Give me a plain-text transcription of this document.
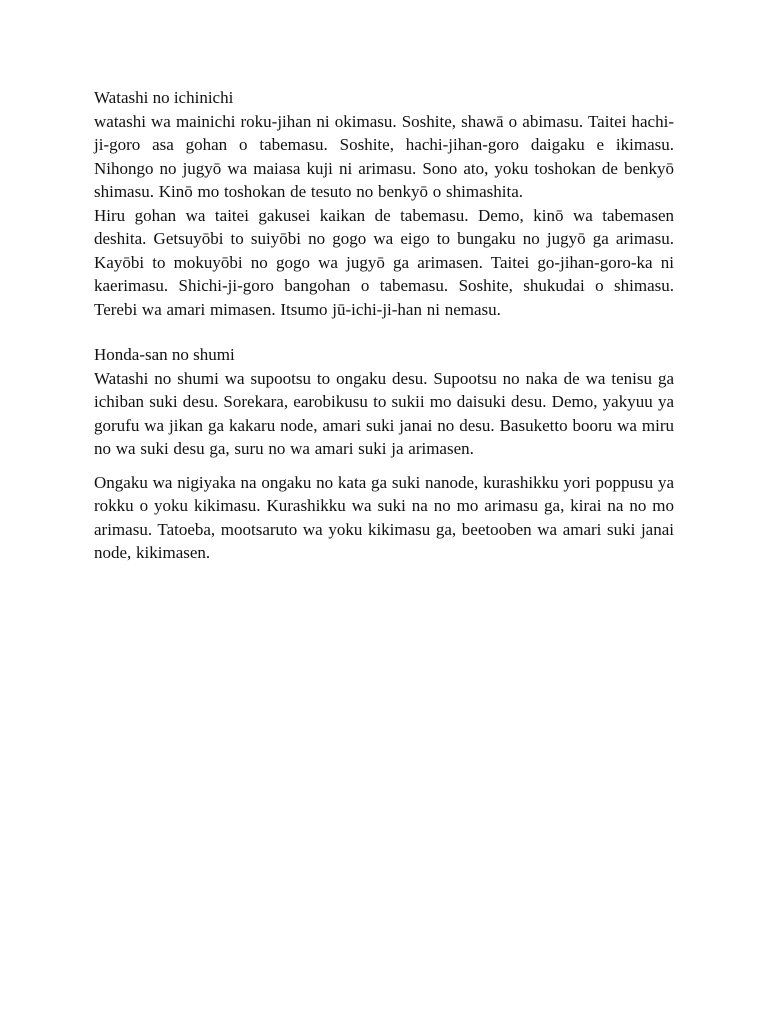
Watashi no ichinichi

watashi wa mainichi roku-jihan ni okimasu. Soshite, shawā o abimasu. Taitei hachi-ji-goro asa gohan o tabemasu. Soshite, hachi-jihan-goro daigaku e ikimasu. Nihongo no jugyō wa maiasa kuji ni arimasu. Sono ato, yoku toshokan de benkyō shimasu. Kinō mo toshokan de tesuto no benkyō o shimashita.

Hiru gohan wa taitei gakusei kaikan de tabemasu. Demo, kinō wa tabemasen deshita. Getsuyōbi to suiyōbi no gogo wa eigo to bungaku no jugyō ga arimasu. Kayōbi to mokuyōbi no gogo wa jugyō ga arimasen. Taitei go-jihan-goro-ka ni kaerimasu. Shichi-ji-goro bangohan o tabemasu. Soshite, shukudai o shimasu. Terebi wa amari mimasen. Itsumo jū-ichi-ji-han ni nemasu.

Honda-san no shumi

Watashi no shumi wa supootsu to ongaku desu. Supootsu no naka de wa tenisu ga ichiban suki desu. Sorekara, earobikusu to sukii mo daisuki desu. Demo, yakyuu ya gorufu wa jikan ga kakaru node, amari suki janai no desu. Basuketto booru wa miru no wa suki desu ga, suru no wa amari suki ja arimasen.

Ongaku wa nigiyaka na ongaku no kata ga suki nanode, kurashikku yori poppusu ya rokku o yoku kikimasu. Kurashikku wa suki na no mo arimasu ga, kirai na no mo arimasu. Tatoeba, mootsaruto wa yoku kikimasu ga, beetooben wa amari suki janai node, kikimasen.
